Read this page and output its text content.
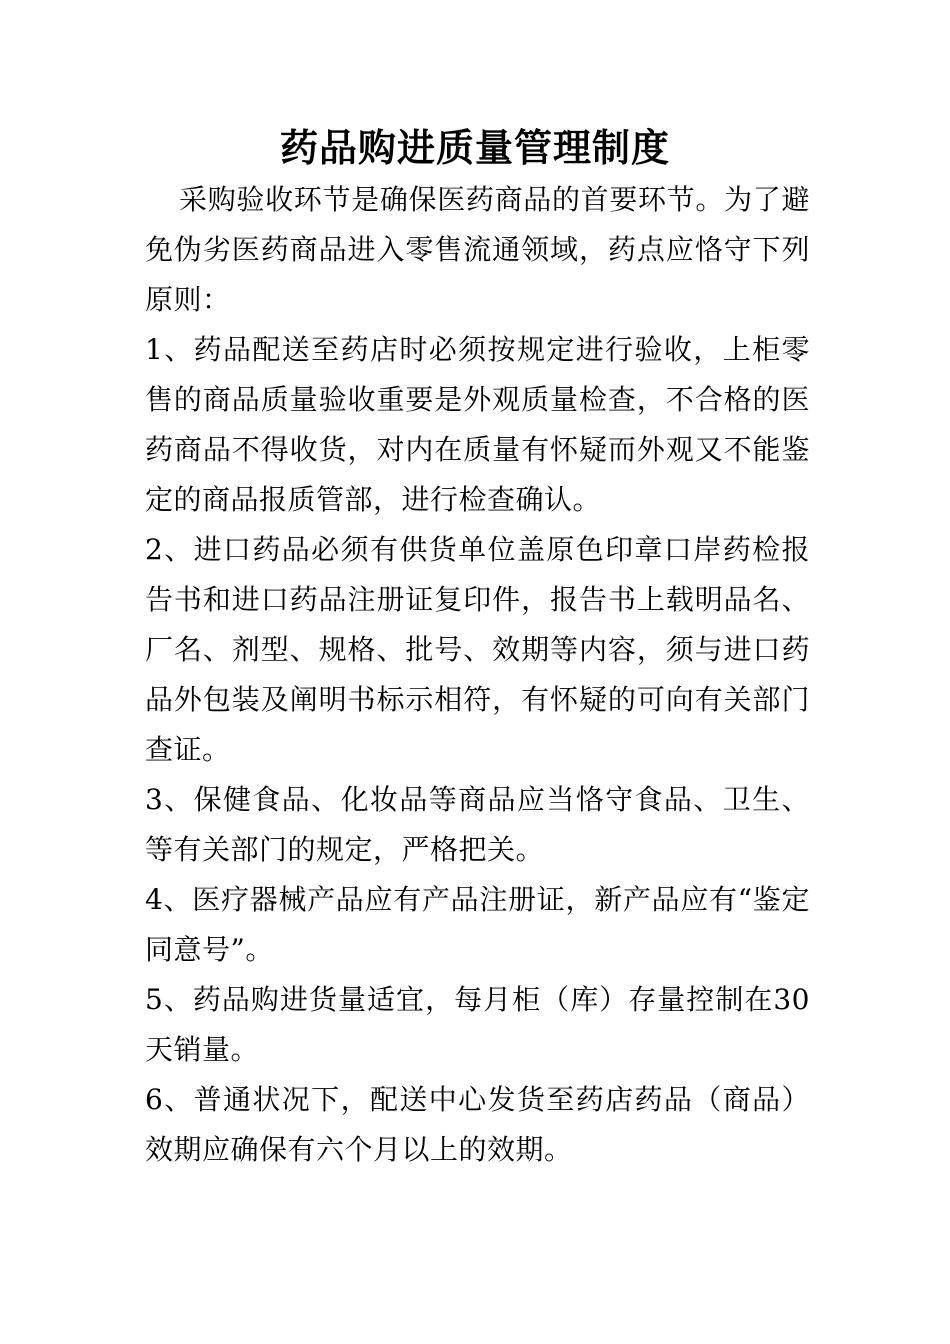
药品购进质量管理制度

采购验收环节是确保医药商品的首要环节。为了避免伪劣医药商品进入零售流通领域，药点应恪守下列原则：

1、药品配送至药店时必须按规定进行验收，上柜零售的商品质量验收重要是外观质量检查，不合格的医药商品不得收货，对内在质量有怀疑而外观又不能鉴定的商品报质管部，进行检查确认。

2、进口药品必须有供货单位盖原色印章口岸药检报告书和进口药品注册证复印件，报告书上载明品名、厂名、剂型、规格、批号、效期等内容，须与进口药品外包装及阐明书标示相符，有怀疑的可向有关部门查证。

3、保健食品、化妆品等商品应当恪守食品、卫生、等有关部门的规定，严格把关。

4、医疗器械产品应有产品注册证，新产品应有“鉴定同意号”。

5、药品购进货量适宜，每月柜（库）存量控制在30天销量。

6、普通状况下，配送中心发货至药店药品（商品）效期应确保有六个月以上的效期。
